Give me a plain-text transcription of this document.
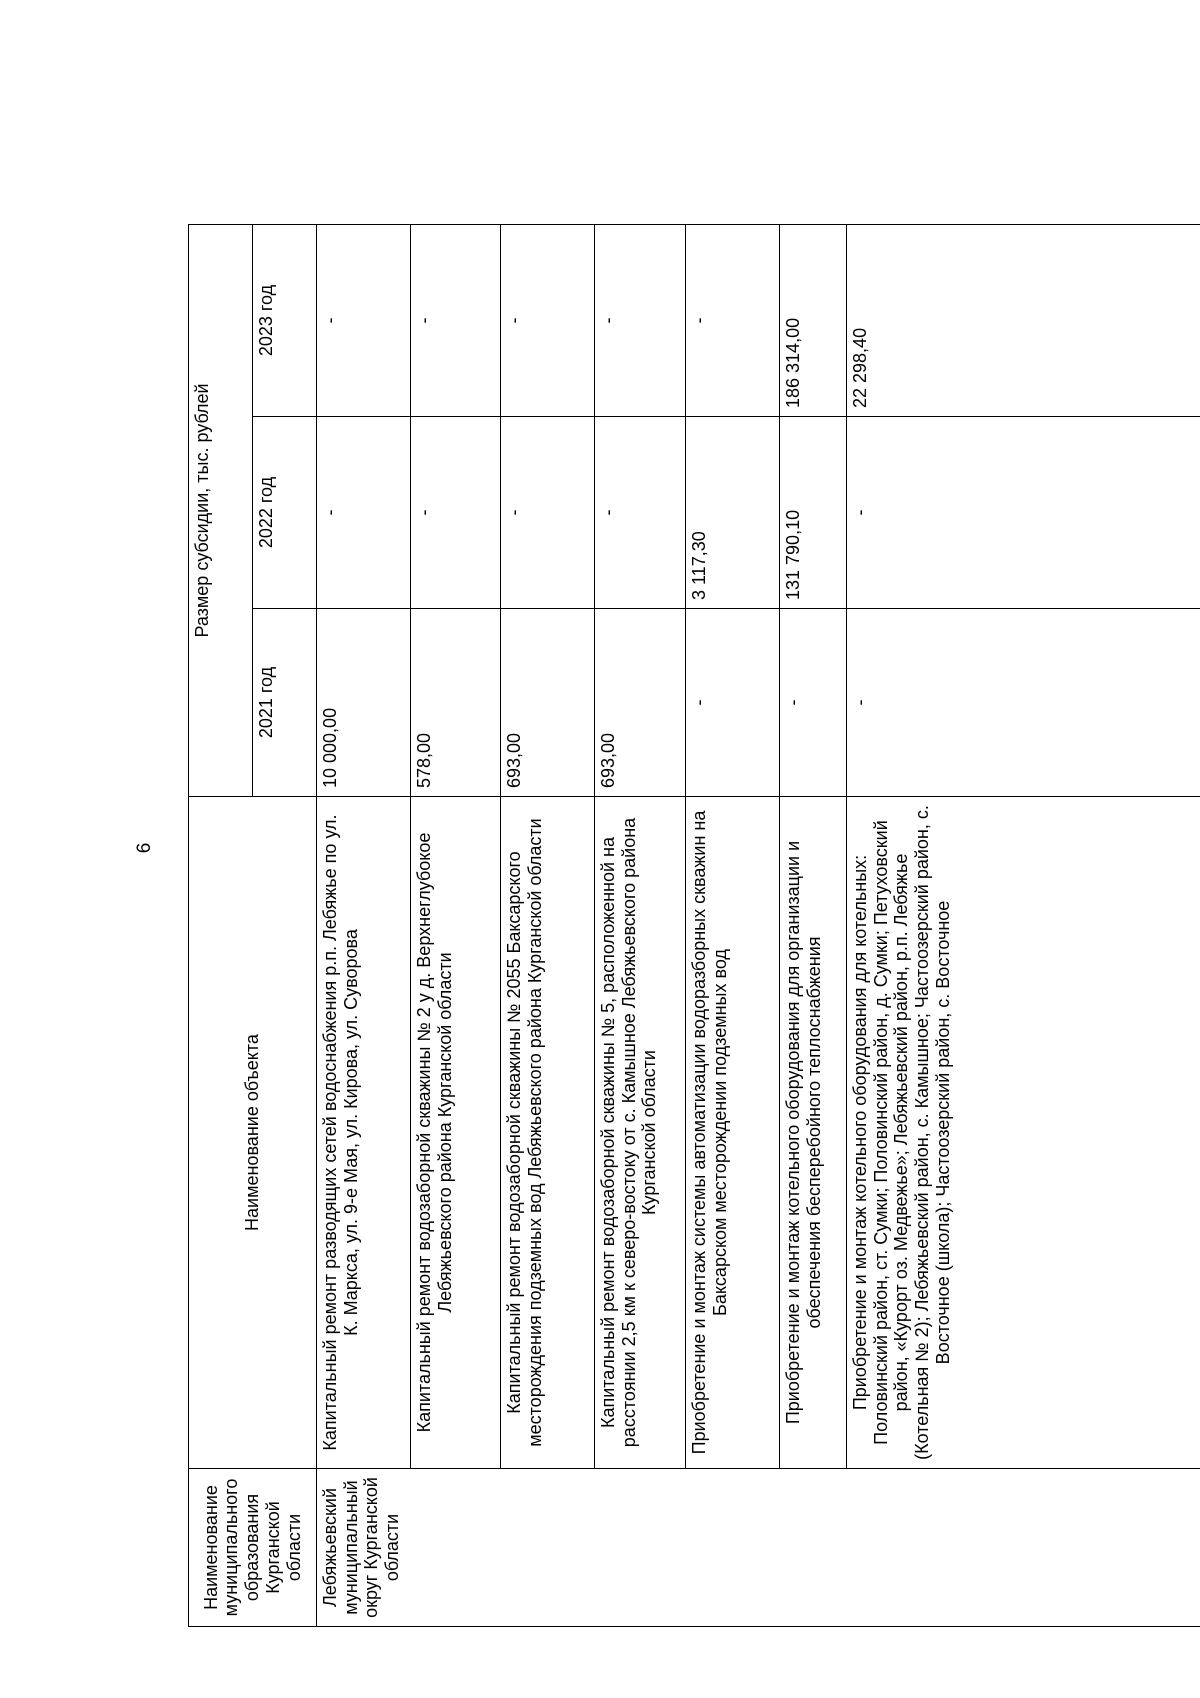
6
Наименование муниципального образования Курганской области	Наименование объекта	Размер субсидии, тыс. рублей		
		2021 год	2022 год	2023 год
Лебяжьевский муниципальный округ Курганской области	Капитальный ремонт разводящих сетей водоснабжения р.п. Лебяжье по ул. К. Маркса, ул. 9-е Мая, ул. Кирова, ул. Суворова	10 000,00	-	-
	Капитальный ремонт водозаборной скважины № 2 у д. Верхнеглубокое Лебяжьевского района Курганской области	578,00	-	-
	Капитальный ремонт водозаборной скважины № 2055 Баксарского месторождения подземных вод Лебяжьевского района Курганской области	693,00	-	-
	Капитальный ремонт водозаборной скважины № 5, расположенной на расстоянии 2,5 км к северо-востоку от с. Камышное Лебяжьевского района Курганской области	693,00	-	-
	Приобретение и монтаж системы автоматизации водоразборных скважин на Баксарском месторождении подземных вод	-	3 117,30	-
	Приобретение и монтаж котельного оборудования для организации и обеспечения бесперебойного теплоснабжения	-	131 790,10	186 314,00
	Приобретение и монтаж котельного оборудования для котельных: Половинский район, ст. Сумки; Половинский район, д. Сумки; Петуховский район, «Курорт оз. Медвежье»; Лебяжьевский район, р.п. Лебяжье (Котельная № 2); Лебяжьевский район, с. Камышное; Частоозерский район, с. Восточное (школа); Частоозерский район, с. Восточное	-	-	22 298,40
